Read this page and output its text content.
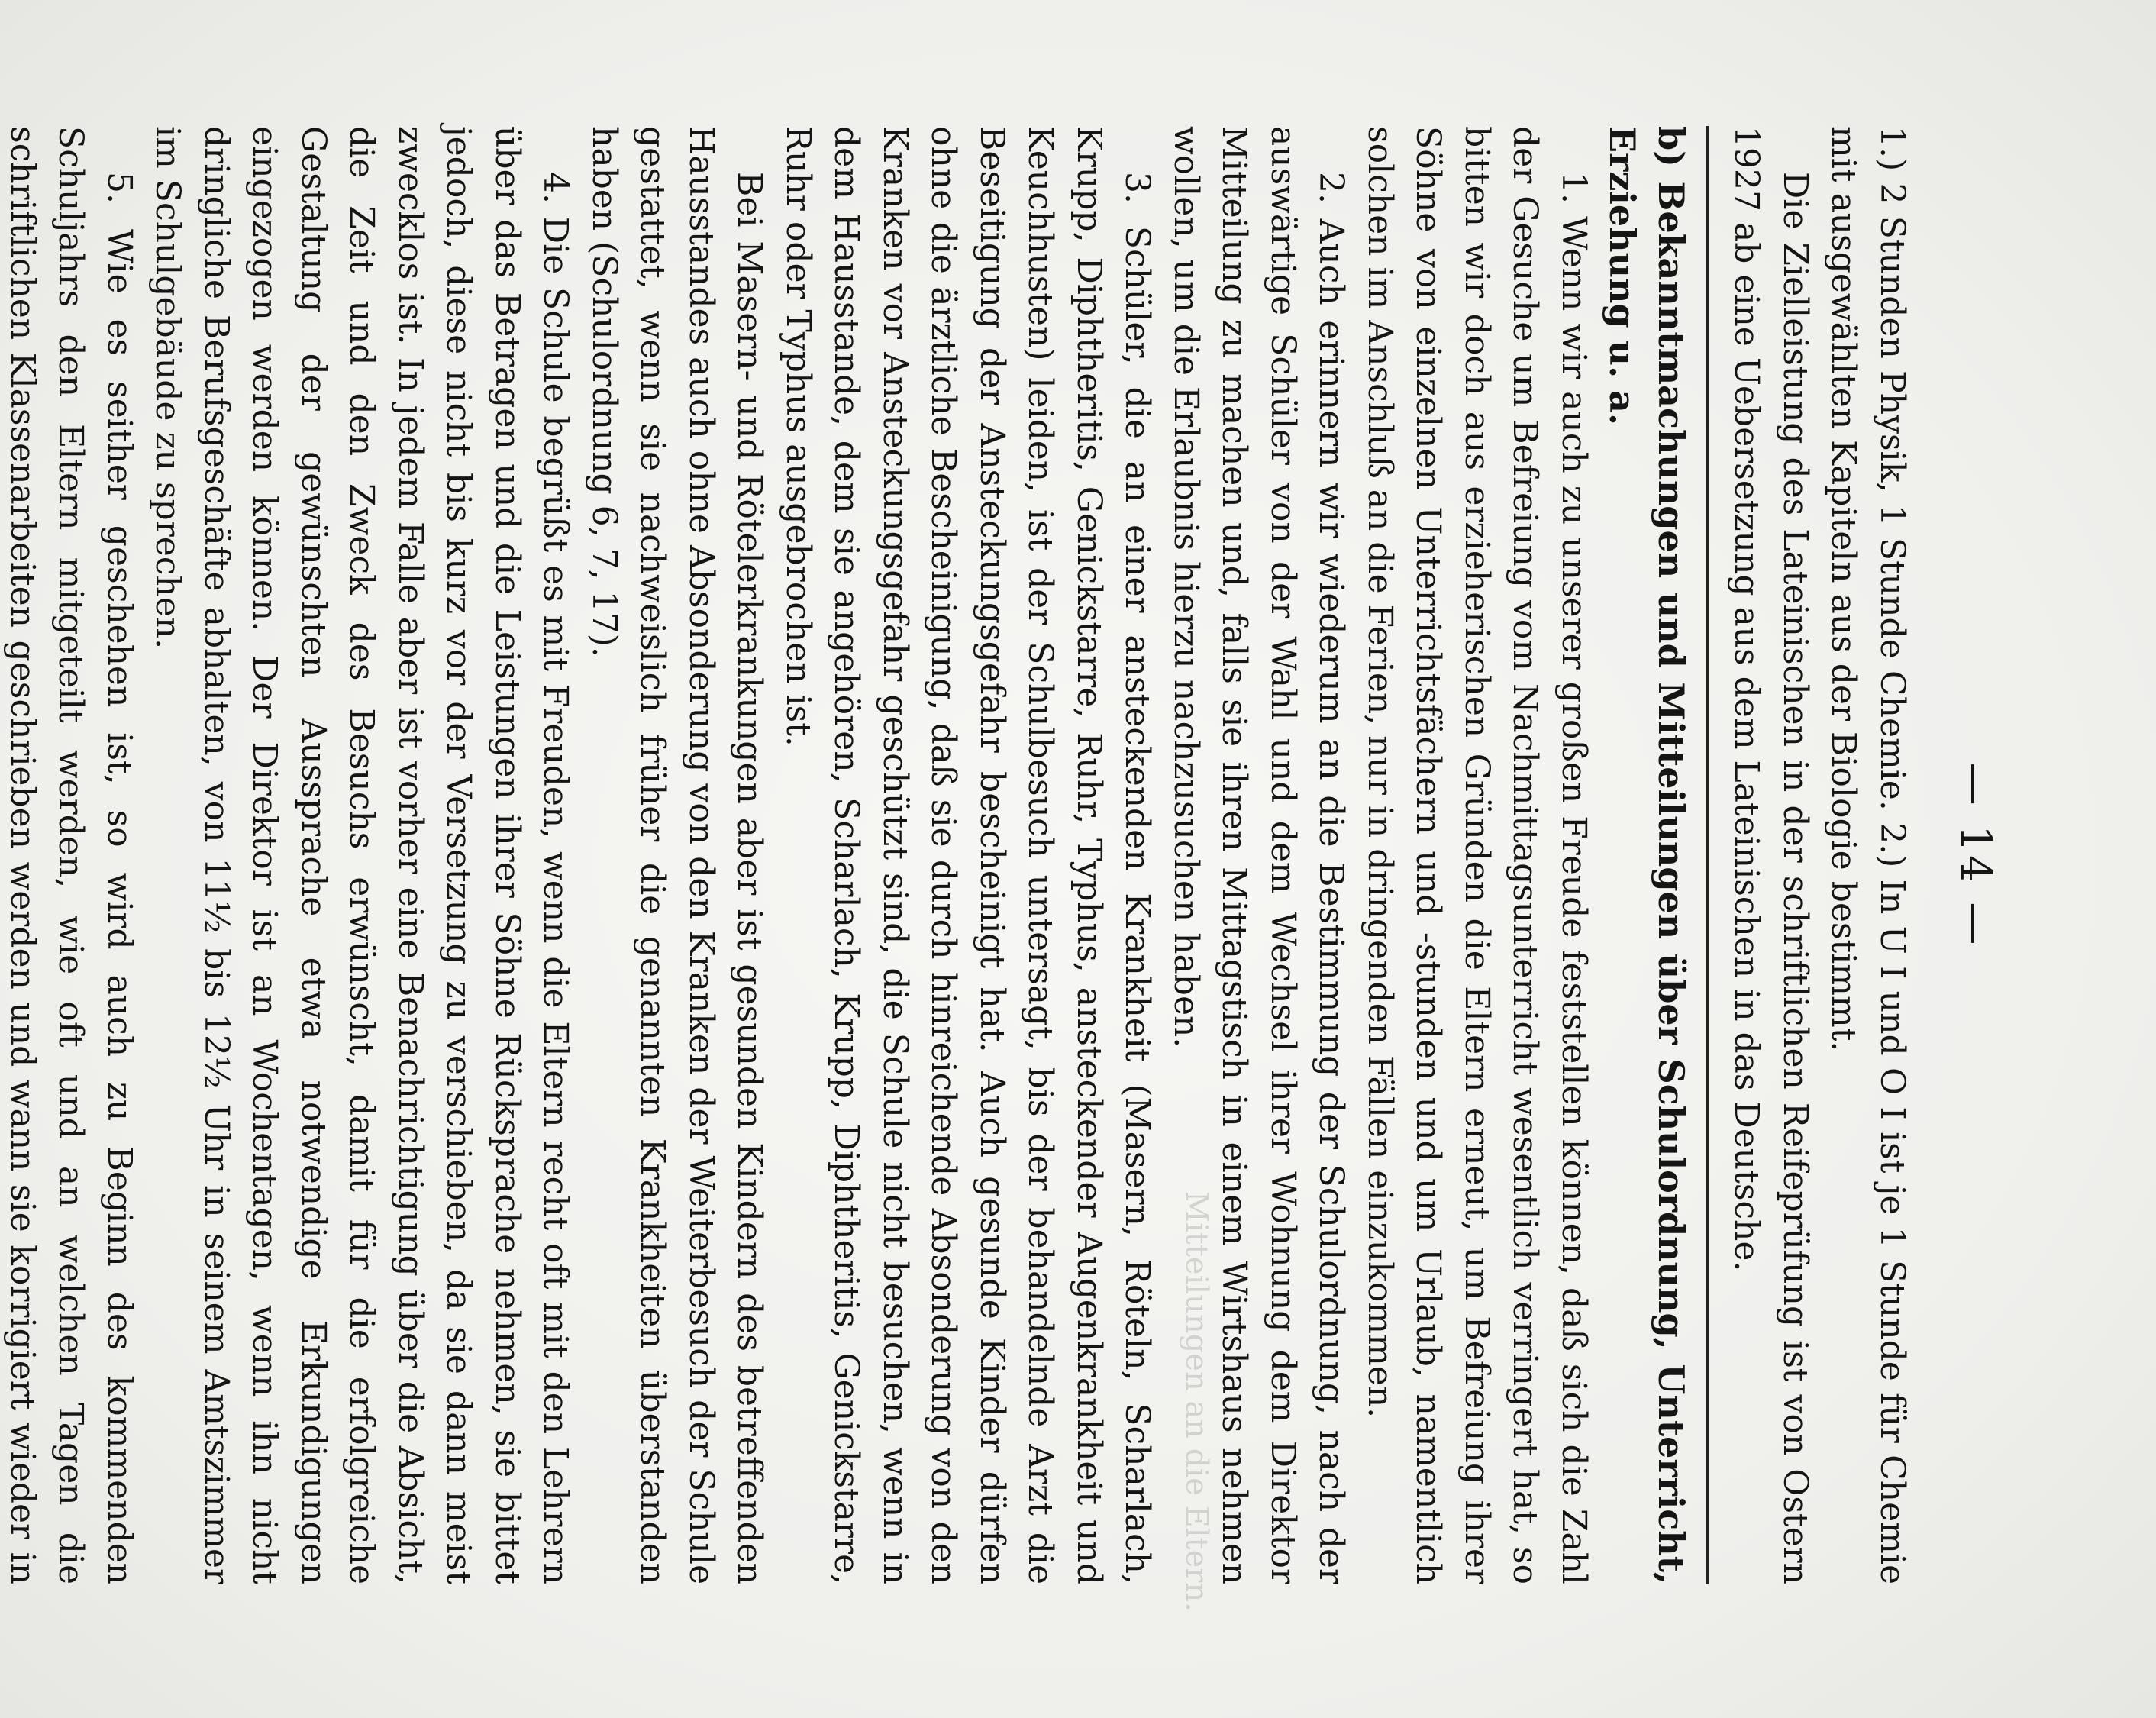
Mitteilungen an die Eltern.
— 14 —

1.) 2 Stunden Physik, 1 Stunde Chemie. 2.) In U I und O I ist je 1 Stunde für Chemie mit ausgewählten Kapiteln aus der Biologie bestimmt.

Die Zielleistung des Lateinischen in der schriftlichen Reifeprüfung ist von Ostern 1927 ab eine Uebersetzung aus dem Lateinischen in das Deutsche.

b) Bekanntmachungen und Mitteilungen über Schulordnung, Unterricht, Erziehung u. a.

1. Wenn wir auch zu unserer großen Freude feststellen können, daß sich die Zahl der Gesuche um Befreiung vom Nachmittagsunterricht wesentlich verringert hat, so bitten wir doch aus erzieherischen Gründen die Eltern erneut, um Befreiung ihrer Söhne von einzelnen Unterrichtsfächern und -stunden und um Urlaub, namentlich solchen im Anschluß an die Ferien, nur in dringenden Fällen einzukommen.

2. Auch erinnern wir wiederum an die Bestimmung der Schulordnung, nach der auswärtige Schüler von der Wahl und dem Wechsel ihrer Wohnung dem Direktor Mitteilung zu machen und, falls sie ihren Mittagstisch in einem Wirtshaus nehmen wollen, um die Erlaubnis hierzu nachzusuchen haben.

3. Schüler, die an einer ansteckenden Krankheit (Masern, Röteln, Scharlach, Krupp, Diphtheritis, Genickstarre, Ruhr, Typhus, ansteckender Augenkrankheit und Keuchhusten) leiden, ist der Schulbesuch untersagt, bis der behandelnde Arzt die Beseitigung der Ansteckungsgefahr bescheinigt hat. Auch gesunde Kinder dürfen ohne die ärztliche Bescheinigung, daß sie durch hinreichende Absonderung von den Kranken vor Ansteckungsgefahr geschützt sind, die Schule nicht besuchen, wenn in dem Hausstande, dem sie angehören, Scharlach, Krupp, Diphtheritis, Genickstarre, Ruhr oder Typhus ausgebrochen ist.

Bei Masern- und Rötelerkrankungen aber ist gesunden Kindern des betreffenden Hausstandes auch ohne Absonderung von den Kranken der Weiterbesuch der Schule gestattet, wenn sie nachweislich früher die genannten Krankheiten überstanden haben (Schulordnung 6, 7, 17).

4. Die Schule begrüßt es mit Freuden, wenn die Eltern recht oft mit den Lehrern über das Betragen und die Leistungen ihrer Söhne Rücksprache nehmen, sie bittet jedoch, diese nicht bis kurz vor der Versetzung zu verschieben, da sie dann meist zwecklos ist. In jedem Falle aber ist vorher eine Benachrichtigung über die Absicht, die Zeit und den Zweck des Besuchs erwünscht, damit für die erfolgreiche Gestaltung der gewünschten Aussprache etwa notwendige Erkundigungen eingezogen werden können. Der Direktor ist an Wochentagen, wenn ihn nicht dringliche Berufsgeschäfte abhalten, von 11½ bis 12½ Uhr in seinem Amtszimmer im Schulgebäude zu sprechen.

5. Wie es seither geschehen ist, so wird auch zu Beginn des kommenden Schuljahrs den Eltern mitgeteilt werden, wie oft und an welchen Tagen die schriftlichen Klassenarbeiten geschrieben werden und wann sie korrigiert wieder in
